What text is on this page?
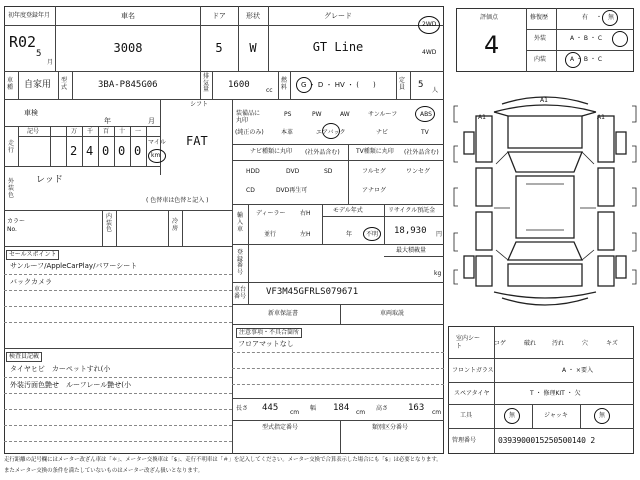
初年度登録年月
R02
5
月
車名
3008
ドア
5
形状
W
グレード
GT Line
2WD
4WD
車種 自家用 型式	3BA-P845G06
排気量 1600
cc
燃料 G ・ D ・ HV ・ (　　)
定員 5
人
車検
年	月
シフト
FAT
走行
記号	万 千 百 十 一
2 4 0 0 0
マイル
km
外装色
レッド
( 色替車は色替と記入 )
カラーNo.
内装色
冷房
セールスポイント
サンルーフ/AppleCarPlay/パワーシート
バックカメラ
検査員記載
タイヤヒビ　カーペットすれ(小
外装汚面色艶せ　ルーフレール艶せ(小
装備品に丸印
(純正のみ)
PS	PW	AW	サンルーフ	ABS
本革	エアバック	ナビ	TV
ナビ種類に丸印 (社外品含む)	TV種類に丸印 (社外品含む)
HDD	DVD	SD
CD	DVD再生可
フルセグ	ワンセグ
アナログ
輸入車
ディーラー
並行
右H
左H
モデル年式
年 不明
リサイクル預託金
18,930 円
登録番号
最大積載量
kg
車台番号 VF3M45GFRLS079671
新車保証書	車両取説
注意事項・不具合箇所
フロアマットなし
長さ 445 cm
幅 184 cm
高さ 163 cm
型式指定番号	類別区分番号
評価点
4
修復歴	有 ・ 無
外装	A ・ B ・ C
内装	A ・ B ・ C
A1
A1	A1
室内シート	コゲ	破れ	汚れ	穴	キズ
フロントガラス	A ・ ×要入
スペアタイヤ	T ・ 修理KIT ・ 欠
工具	無	ジャッキ	無
管理番号	0393900015250500140 2
走行距離の記号欄にはメーター改ざん車は「＊」、メーター交換車は「$」、走行不明車は「＃」を記入してください。メーター交換で合算表示した場合にも「$」は必要となります。
またメーター交換の条件を満たしていないものはメーター改ざん扱いとなります。
